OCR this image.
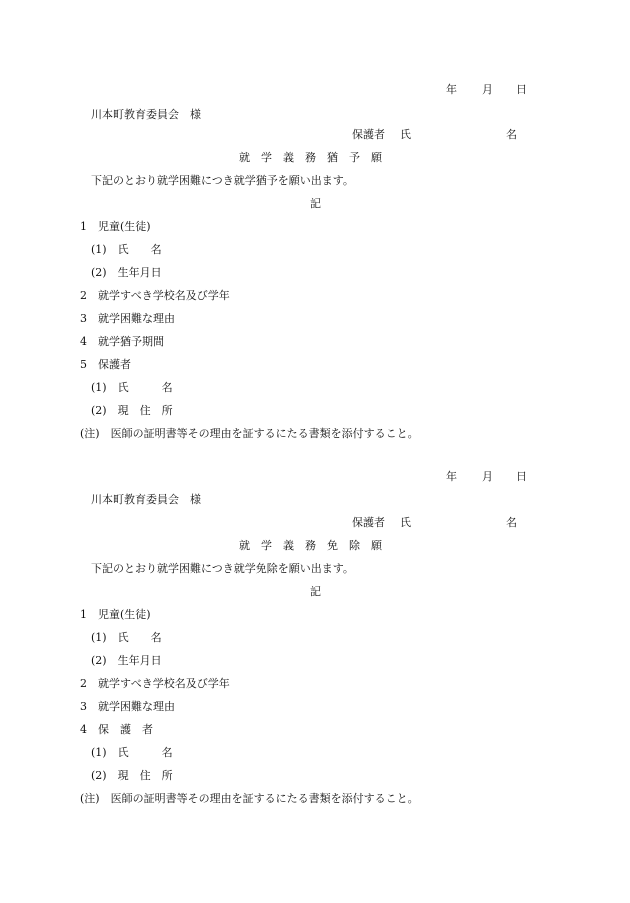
年 月 日
川本町教育委員会　様
保護者 氏	名
就　学　義　務　猶　予　願
下記のとおり就学困難につき就学猶予を願い出ます。
記
1　児童(生徒)
(1)　氏　　名
(2)　生年月日
2　就学すべき学校名及び学年
3　就学困難な理由
4　就学猶予期間
5　保護者
(1)　氏　　　名
(2)　現　住　所
(注)　医師の証明書等その理由を証するにたる書類を添付すること。
年 月 日
川本町教育委員会　様
保護者 氏	名
就　学　義　務　免　除　願
下記のとおり就学困難につき就学免除を願い出ます。
記
1　児童(生徒)
(1)　氏　　名
(2)　生年月日
2　就学すべき学校名及び学年
3　就学困難な理由
4　保　護　者
(1)　氏　　　名
(2)　現　住　所
(注)　医師の証明書等その理由を証するにたる書類を添付すること。
